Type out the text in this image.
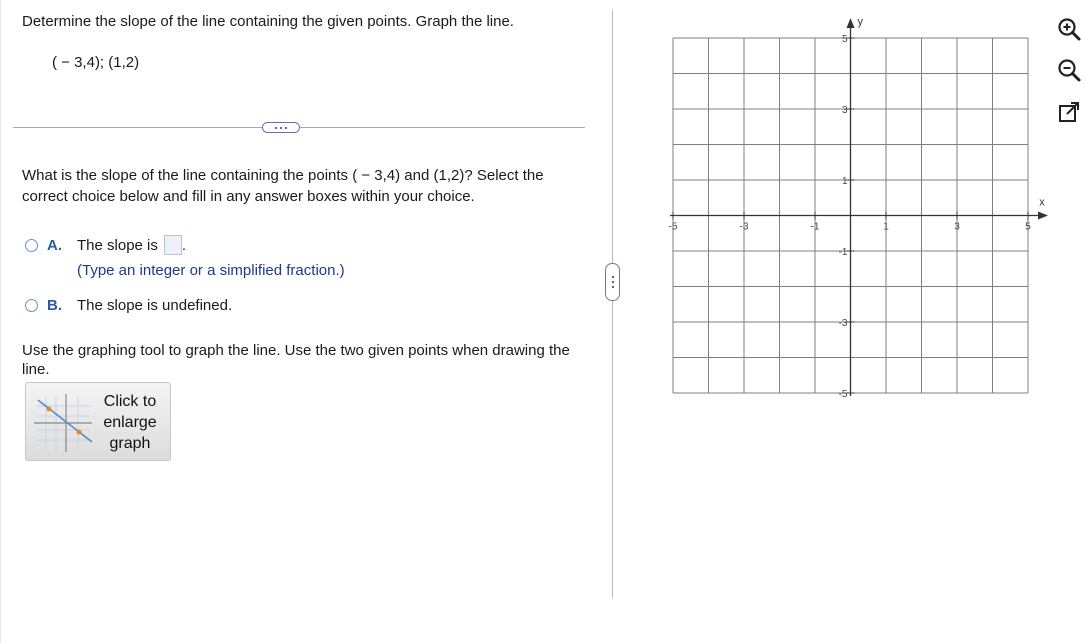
Determine the slope of the line containing the given points. Graph the line.
( − 3,4); (1,2)
What is the slope of the line containing the points ( − 3,4) and (1,2)? Select the correct choice below and fill in any answer boxes within your choice.
A.	The slope is .
(Type an integer or a simplified fraction.)
B.	The slope is undefined.
Use the graphing tool to graph the line. Use the two given points when drawing the line.
Click to
enlarge
graph
x
y
-5	-3	-1	1	3	5
5
3
1
-1
-3
-5
